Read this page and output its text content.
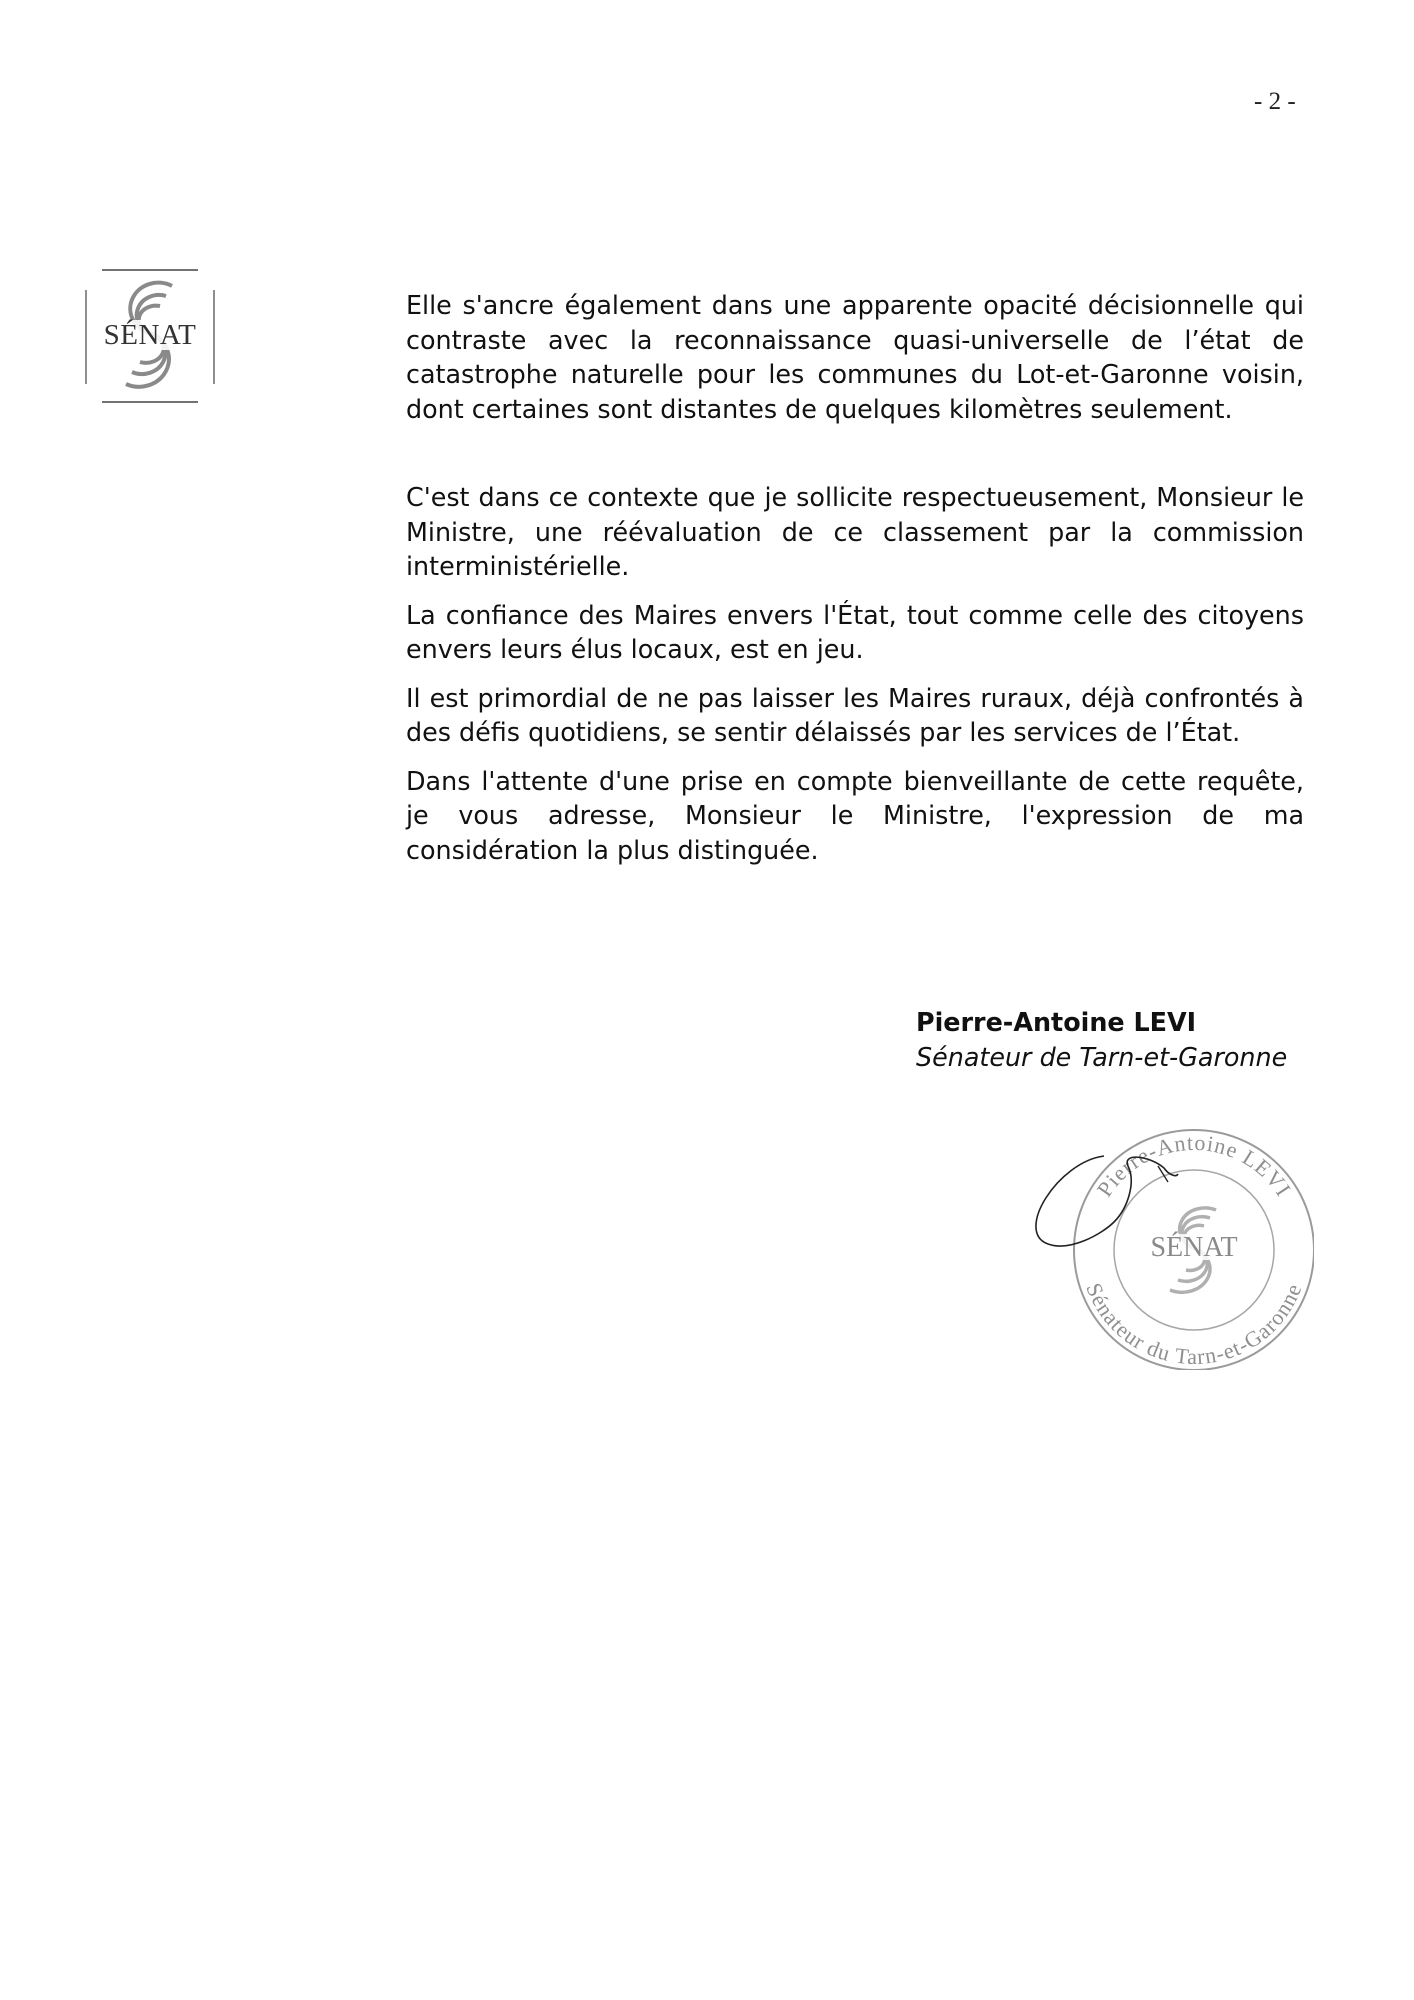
- 2 -
SÉNAT

Elle s'ancre également dans une apparente opacité décisionnelle qui contraste avec la reconnaissance quasi-universelle de l’état de catastrophe naturelle pour les communes du Lot-et-Garonne voisin, dont certaines sont distantes de quelques kilomètres seulement.

C'est dans ce contexte que je sollicite respectueusement, Monsieur le Ministre, une réévaluation de ce classement par la commission interministérielle.

La confiance des Maires envers l'État, tout comme celle des citoyens envers leurs élus locaux, est en jeu.

Il est primordial de ne pas laisser les Maires ruraux, déjà confrontés à des défis quotidiens, se sentir délaissés par les services de l’État.

Dans l'attente d'une prise en compte bienveillante de cette requête, je vous adresse, Monsieur le Ministre, l'expression de ma considération la plus distinguée.

Pierre-Antoine LEVI

Sénateur de Tarn-et-Garonne

Pierre-Antoine LEVI
Sénateur du Tarn-et-Garonne
SÉNAT
